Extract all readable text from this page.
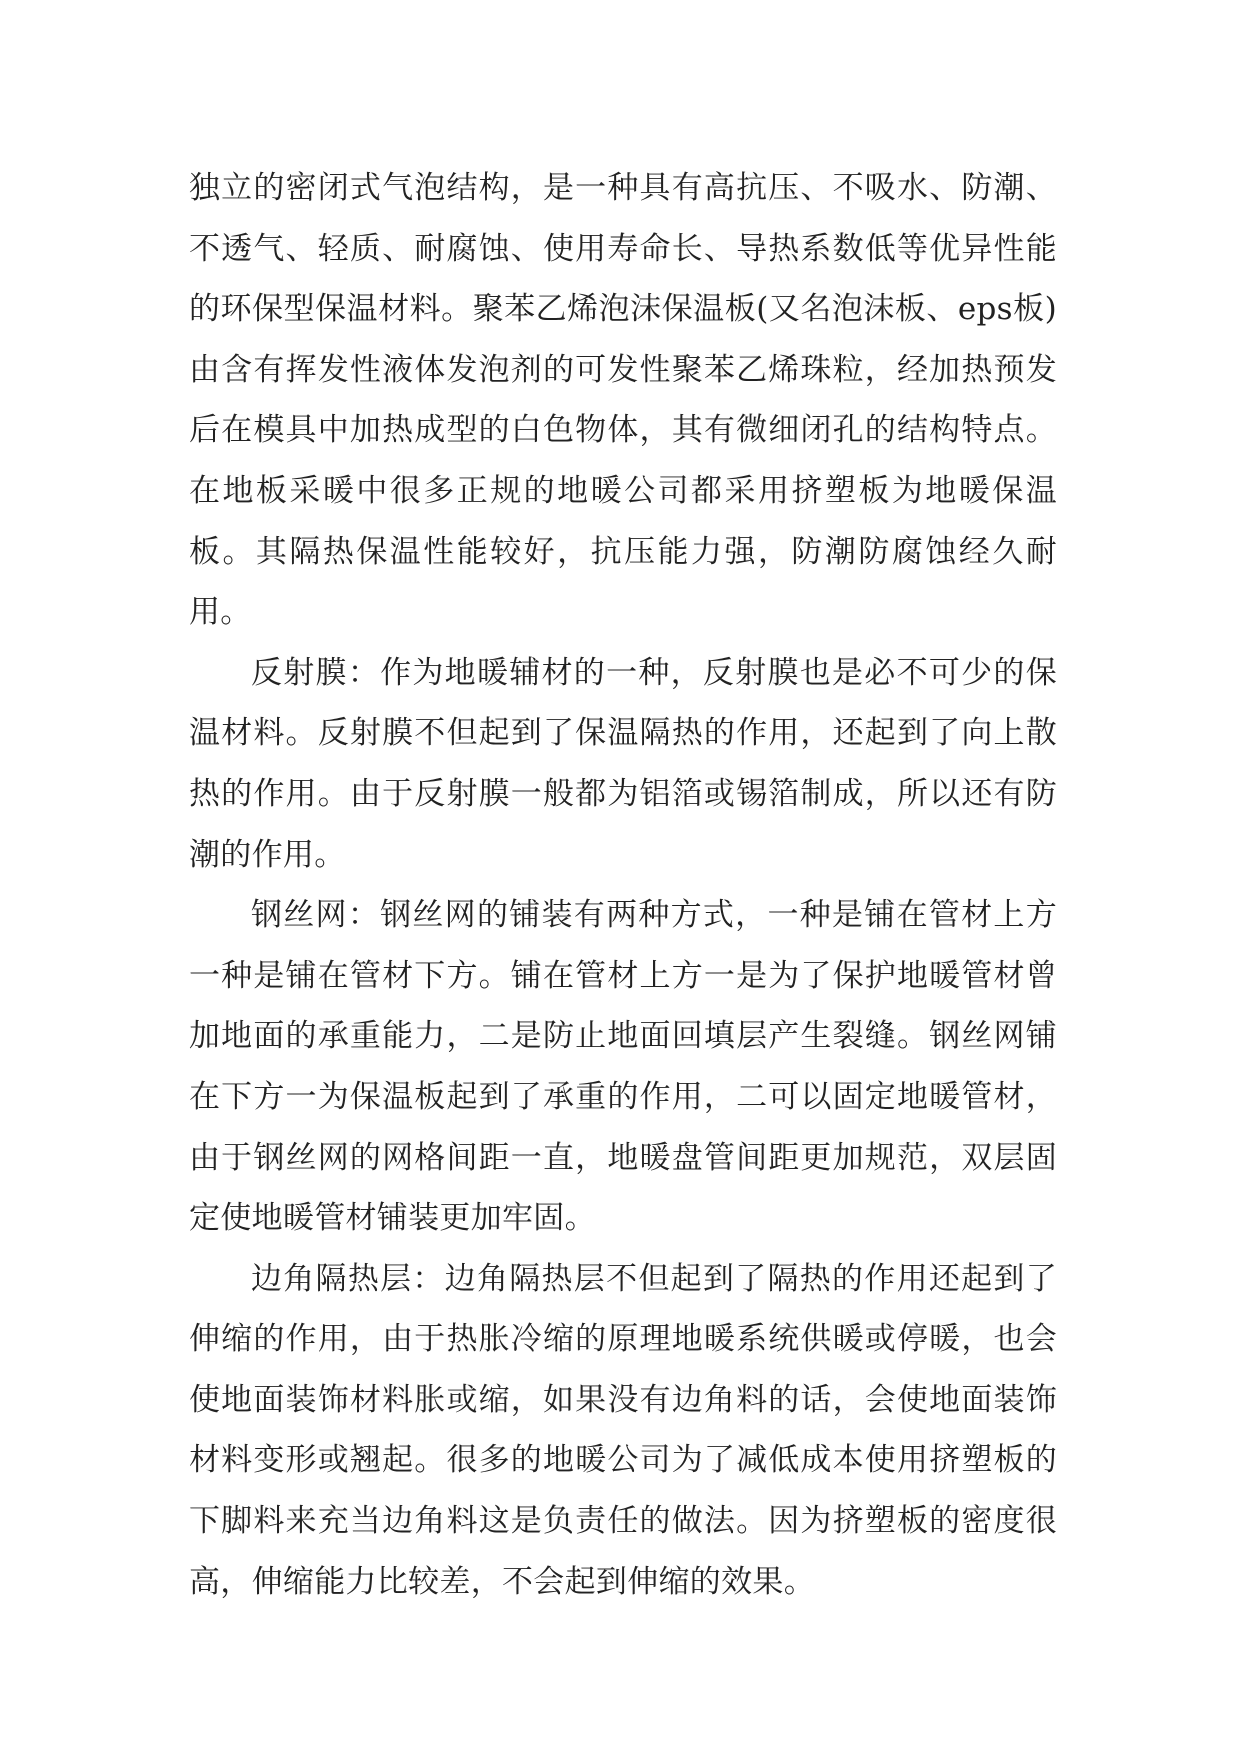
独立的密闭式气泡结构，是一种具有高抗压、不吸水、防潮、不透气、轻质、耐腐蚀、使用寿命长、导热系数低等优异性能的环保型保温材料。聚苯乙烯泡沫保温板(又名泡沫板、eps板)由含有挥发性液体发泡剂的可发性聚苯乙烯珠粒，经加热预发后在模具中加热成型的白色物体，其有微细闭孔的结构特点。在地板采暖中很多正规的地暖公司都采用挤塑板为地暖保温板。其隔热保温性能较好，抗压能力强，防潮防腐蚀经久耐用。

反射膜：作为地暖辅材的一种，反射膜也是必不可少的保温材料。反射膜不但起到了保温隔热的作用，还起到了向上散热的作用。由于反射膜一般都为铝箔或锡箔制成，所以还有防潮的作用。

钢丝网：钢丝网的铺装有两种方式，一种是铺在管材上方一种是铺在管材下方。铺在管材上方一是为了保护地暖管材曾加地面的承重能力，二是防止地面回填层产生裂缝。钢丝网铺在下方一为保温板起到了承重的作用，二可以固定地暖管材，由于钢丝网的网格间距一直，地暖盘管间距更加规范，双层固定使地暖管材铺装更加牢固。

边角隔热层：边角隔热层不但起到了隔热的作用还起到了伸缩的作用，由于热胀冷缩的原理地暖系统供暖或停暖，也会使地面装饰材料胀或缩，如果没有边角料的话，会使地面装饰材料变形或翘起。很多的地暖公司为了减低成本使用挤塑板的下脚料来充当边角料这是负责任的做法。因为挤塑板的密度很高，伸缩能力比较差，不会起到伸缩的效果。
